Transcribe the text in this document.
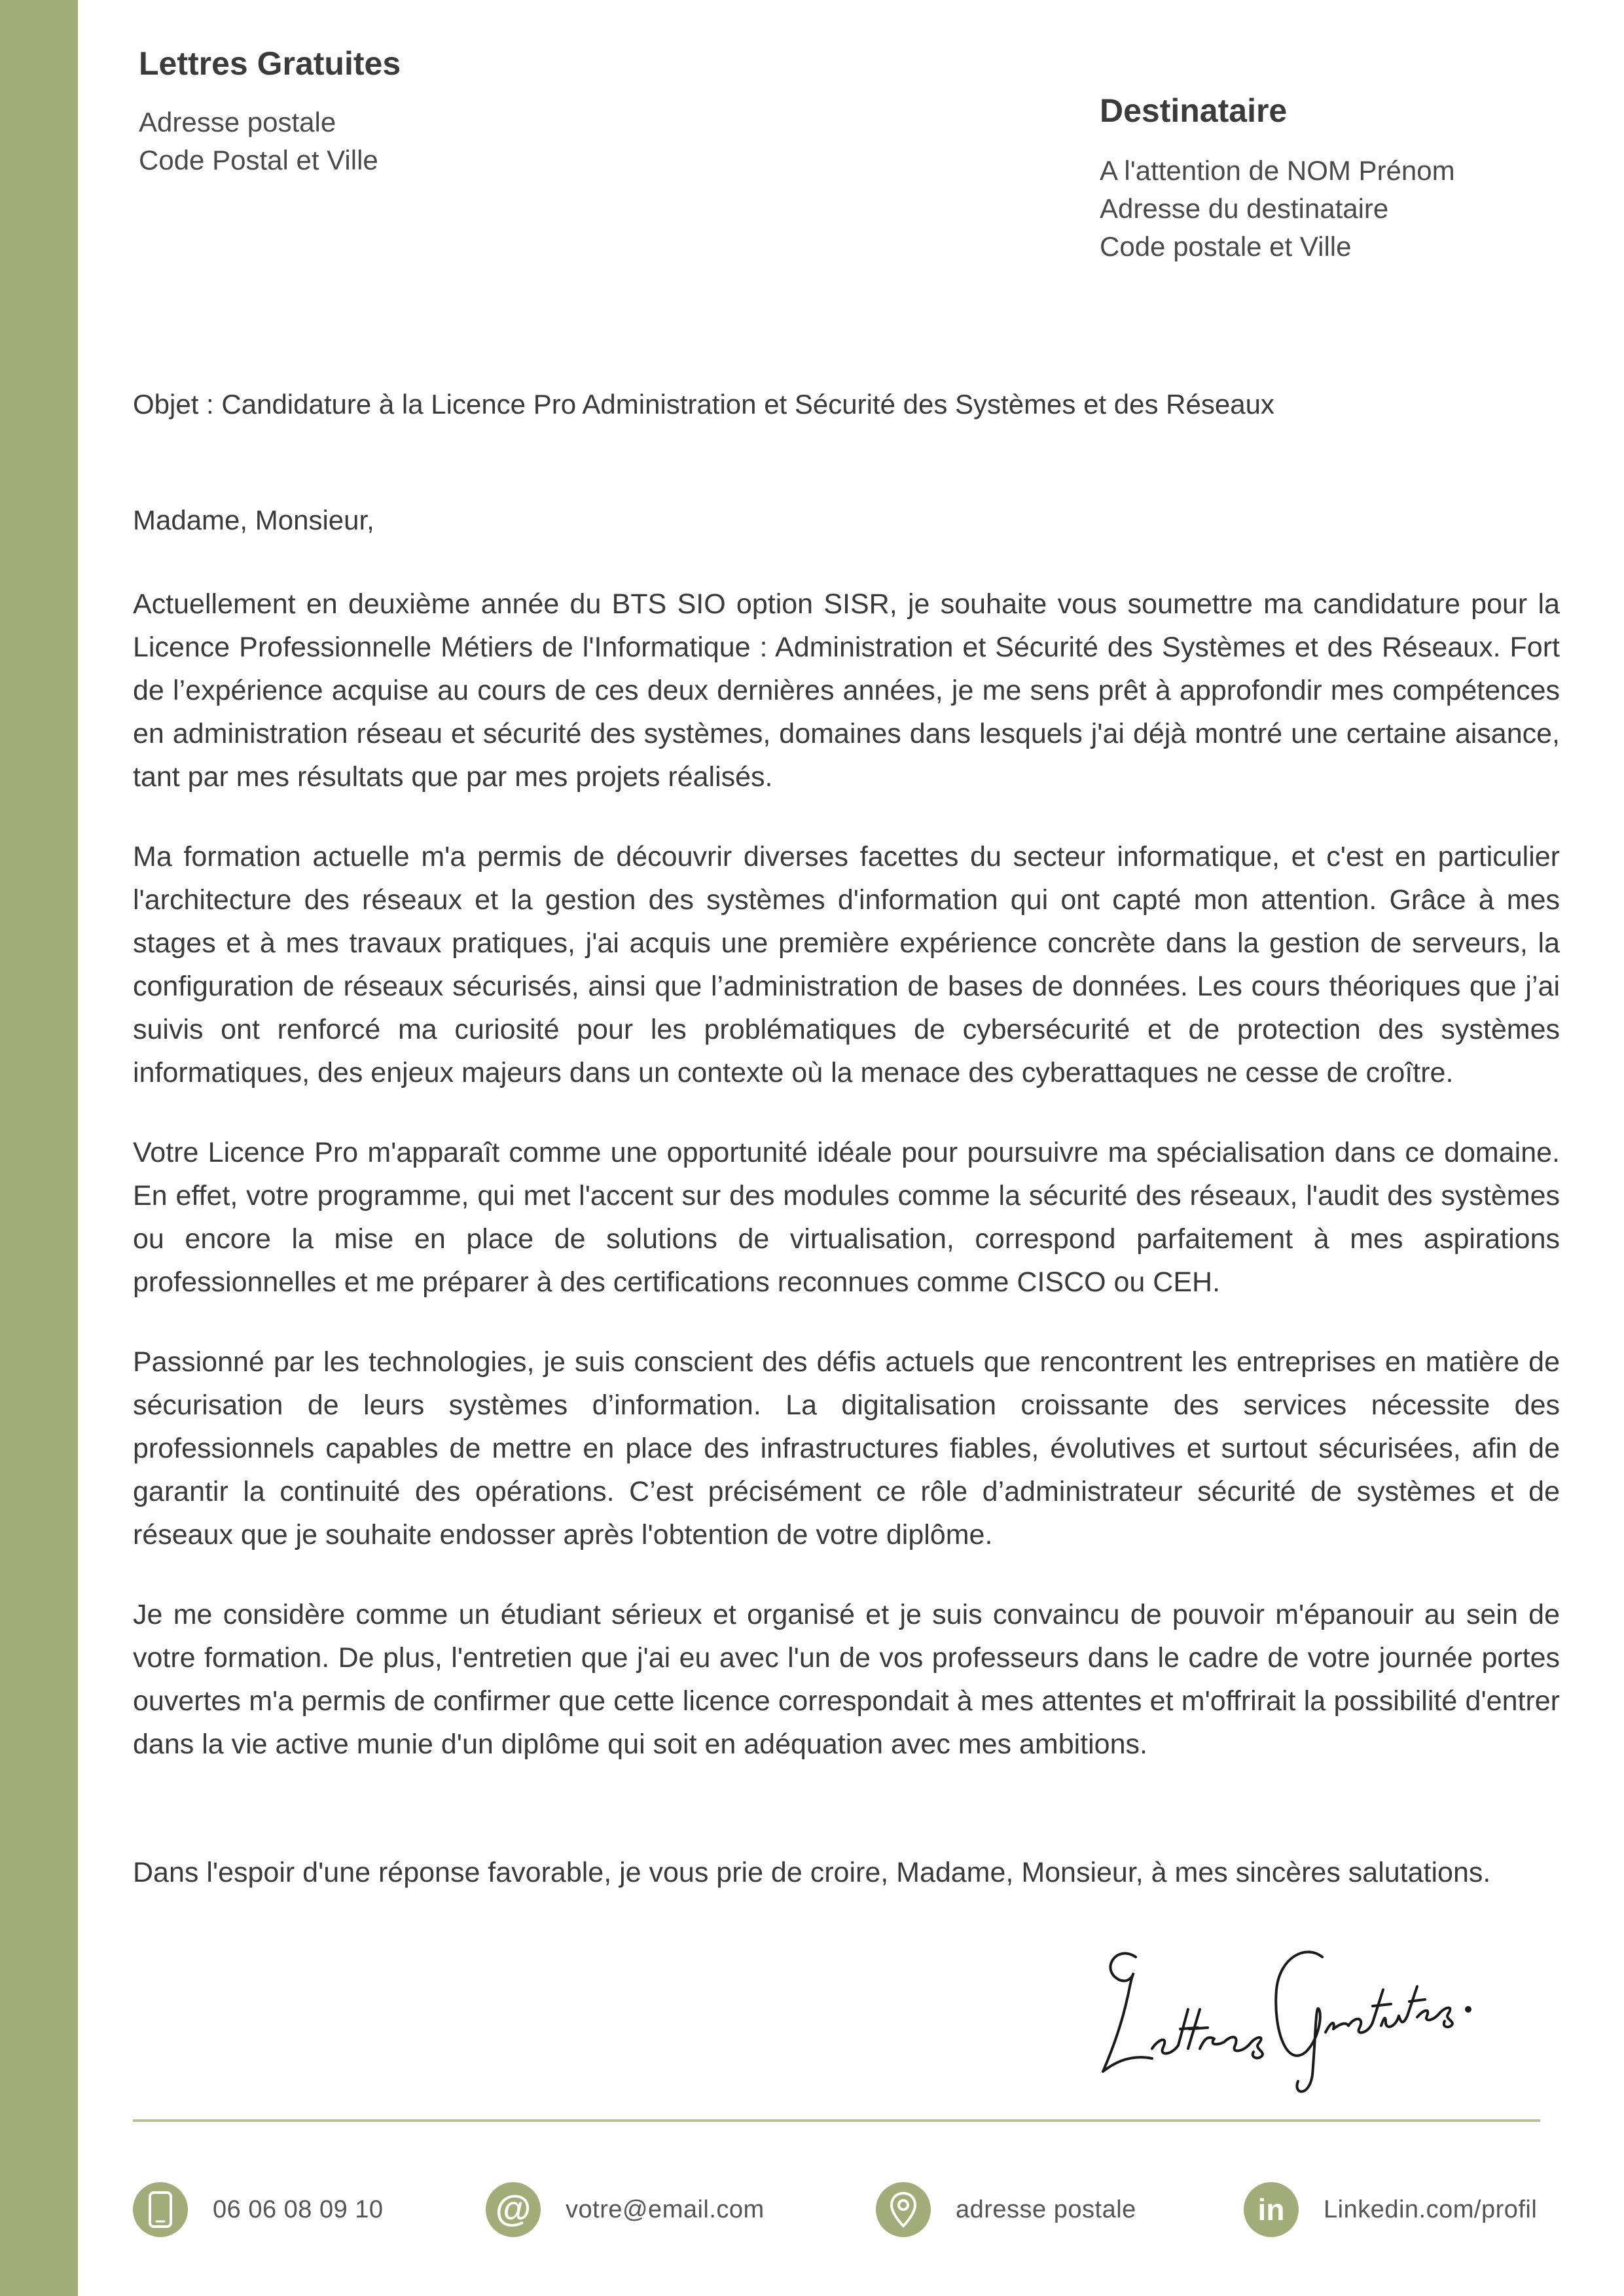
Lettres Gratuites
Adresse postale
Code Postal et Ville
Destinataire
A l'attention de NOM Prénom
Adresse du destinataire
Code postale et Ville
Objet : Candidature à la Licence Pro Administration et Sécurité des Systèmes et des Réseaux
Madame, Monsieur,

Actuellement en deuxième année du BTS SIO option SISR, je souhaite vous soumettre ma candidature pour la Licence Professionnelle Métiers de l'Informatique : Administration et Sécurité des Systèmes et des Réseaux. Fort de l’expérience acquise au cours de ces deux dernières années, je me sens prêt à approfondir mes compétences en administration réseau et sécurité des systèmes, domaines dans lesquels j'ai déjà montré une certaine aisance, tant par mes résultats que par mes projets réalisés.

Ma formation actuelle m'a permis de découvrir diverses facettes du secteur informatique, et c'est en particulier l'architecture des réseaux et la gestion des systèmes d'information qui ont capté mon attention. Grâce à mes stages et à mes travaux pratiques, j'ai acquis une première expérience concrète dans la gestion de serveurs, la configuration de réseaux sécurisés, ainsi que l’administration de bases de données. Les cours théoriques que j’ai suivis ont renforcé ma curiosité pour les problématiques de cybersécurité et de protection des systèmes informatiques, des enjeux majeurs dans un contexte où la menace des cyberattaques ne cesse de croître.

Votre Licence Pro m'apparaît comme une opportunité idéale pour poursuivre ma spécialisation dans ce domaine. En effet, votre programme, qui met l'accent sur des modules comme la sécurité des réseaux, l'audit des systèmes ou encore la mise en place de solutions de virtualisation, correspond parfaitement à mes aspirations professionnelles et me préparer à des certifications reconnues comme CISCO ou CEH.

Passionné par les technologies, je suis conscient des défis actuels que rencontrent les entreprises en matière de sécurisation de leurs systèmes d’information. La digitalisation croissante des services nécessite des professionnels capables de mettre en place des infrastructures fiables, évolutives et surtout sécurisées, afin de garantir la continuité des opérations. C’est précisément ce rôle d’administrateur sécurité de systèmes et de réseaux que je souhaite endosser après l'obtention de votre diplôme.

Je me considère comme un étudiant sérieux et organisé et je suis convaincu de pouvoir m'épanouir au sein de votre formation. De plus, l'entretien que j'ai eu avec l'un de vos professeurs dans le cadre de votre journée portes ouvertes m'a permis de confirmer que cette licence correspondait à mes attentes et m'offrirait la possibilité d'entrer dans la vie active munie d'un diplôme qui soit en adéquation avec mes ambitions.

Dans l'espoir d'une réponse favorable, je vous prie de croire, Madame, Monsieur, à mes sincères salutations.
06 06 08 09 10	@ votre@email.com	adresse postale	in Linkedin.com/profil
